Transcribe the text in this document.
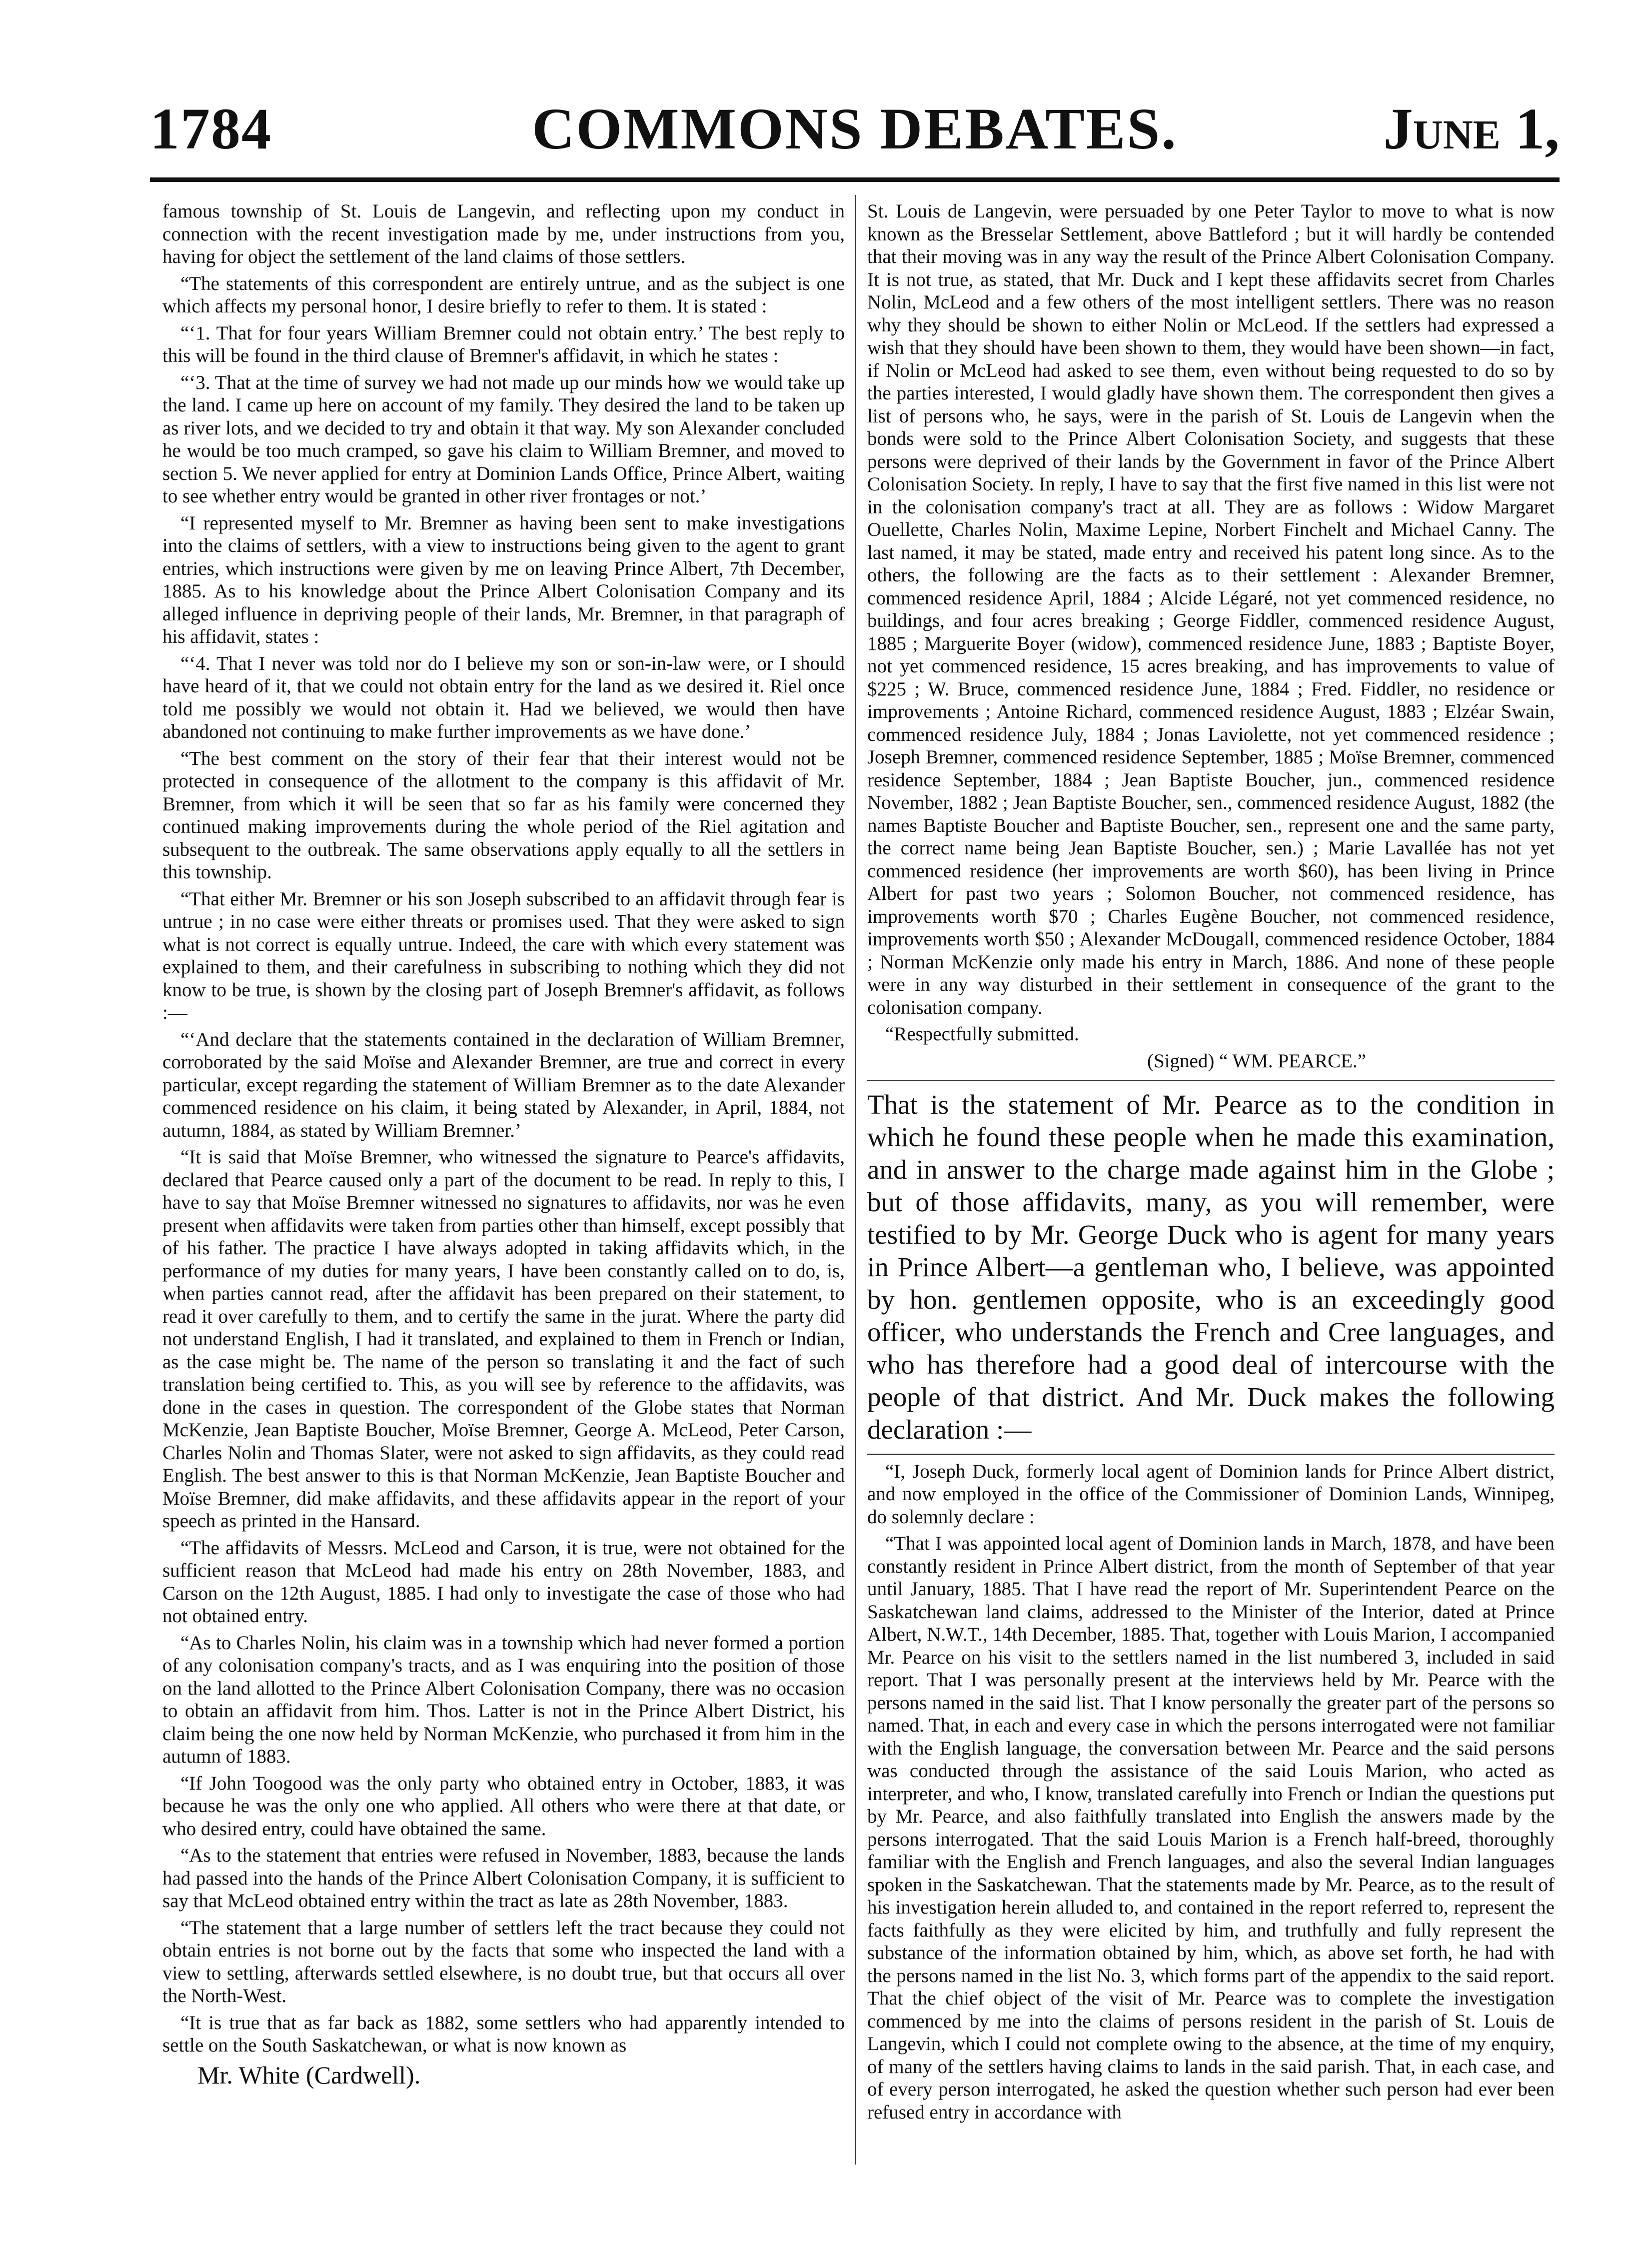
1784	COMMONS DEBATES.	June 1,

famous township of St. Louis de Langevin, and reflecting upon my conduct in connection with the recent investigation made by me, under instructions from you, having for object the settlement of the land claims of those settlers.

“The statements of this correspondent are entirely untrue, and as the subject is one which affects my personal honor, I desire briefly to refer to them. It is stated :

“‘1. That for four years William Bremner could not obtain entry.’ The best reply to this will be found in the third clause of Bremner's affidavit, in which he states :

“‘3. That at the time of survey we had not made up our minds how we would take up the land. I came up here on account of my family. They desired the land to be taken up as river lots, and we decided to try and obtain it that way. My son Alexander concluded he would be too much cramped, so gave his claim to William Bremner, and moved to section 5. We never applied for entry at Dominion Lands Office, Prince Albert, waiting to see whether entry would be granted in other river frontages or not.’

“I represented myself to Mr. Bremner as having been sent to make investigations into the claims of settlers, with a view to instructions being given to the agent to grant entries, which instructions were given by me on leaving Prince Albert, 7th December, 1885. As to his knowledge about the Prince Albert Colonisation Company and its alleged influence in depriving people of their lands, Mr. Bremner, in that paragraph of his affidavit, states :

“‘4. That I never was told nor do I believe my son or son-in-law were, or I should have heard of it, that we could not obtain entry for the land as we desired it. Riel once told me possibly we would not obtain it. Had we believed, we would then have abandoned not continuing to make further improvements as we have done.’

“The best comment on the story of their fear that their interest would not be protected in consequence of the allotment to the company is this affidavit of Mr. Bremner, from which it will be seen that so far as his family were concerned they continued making improvements during the whole period of the Riel agitation and subsequent to the outbreak. The same observations apply equally to all the settlers in this township.

“That either Mr. Bremner or his son Joseph subscribed to an affidavit through fear is untrue ; in no case were either threats or promises used. That they were asked to sign what is not correct is equally untrue. Indeed, the care with which every statement was explained to them, and their carefulness in subscribing to nothing which they did not know to be true, is shown by the closing part of Joseph Bremner's affidavit, as follows :—

“‘And declare that the statements contained in the declaration of William Bremner, corroborated by the said Moïse and Alexander Bremner, are true and correct in every particular, except regarding the statement of William Bremner as to the date Alexander commenced residence on his claim, it being stated by Alexander, in April, 1884, not autumn, 1884, as stated by William Bremner.’

“It is said that Moïse Bremner, who witnessed the signature to Pearce's affidavits, declared that Pearce caused only a part of the document to be read. In reply to this, I have to say that Moïse Bremner witnessed no signatures to affidavits, nor was he even present when affidavits were taken from parties other than himself, except possibly that of his father. The practice I have always adopted in taking affidavits which, in the performance of my duties for many years, I have been constantly called on to do, is, when parties cannot read, after the affidavit has been prepared on their statement, to read it over carefully to them, and to certify the same in the jurat. Where the party did not understand English, I had it translated, and explained to them in French or Indian, as the case might be. The name of the person so translating it and the fact of such translation being certified to. This, as you will see by reference to the affidavits, was done in the cases in question. The correspondent of the Globe states that Norman McKenzie, Jean Baptiste Boucher, Moïse Bremner, George A. McLeod, Peter Carson, Charles Nolin and Thomas Slater, were not asked to sign affidavits, as they could read English. The best answer to this is that Norman McKenzie, Jean Baptiste Boucher and Moïse Bremner, did make affidavits, and these affidavits appear in the report of your speech as printed in the Hansard.

“The affidavits of Messrs. McLeod and Carson, it is true, were not obtained for the sufficient reason that McLeod had made his entry on 28th November, 1883, and Carson on the 12th August, 1885. I had only to investigate the case of those who had not obtained entry.

“As to Charles Nolin, his claim was in a township which had never formed a portion of any colonisation company's tracts, and as I was enquiring into the position of those on the land allotted to the Prince Albert Colonisation Company, there was no occasion to obtain an affidavit from him. Thos. Latter is not in the Prince Albert District, his claim being the one now held by Norman McKenzie, who purchased it from him in the autumn of 1883.

“If John Toogood was the only party who obtained entry in October, 1883, it was because he was the only one who applied. All others who were there at that date, or who desired entry, could have obtained the same.

“As to the statement that entries were refused in November, 1883, because the lands had passed into the hands of the Prince Albert Colonisation Company, it is sufficient to say that McLeod obtained entry within the tract as late as 28th November, 1883.

“The statement that a large number of settlers left the tract because they could not obtain entries is not borne out by the facts that some who inspected the land with a view to settling, afterwards settled elsewhere, is no doubt true, but that occurs all over the North-West.

“It is true that as far back as 1882, some settlers who had apparently intended to settle on the South Saskatchewan, or what is now known as

Mr. White (Cardwell).

St. Louis de Langevin, were persuaded by one Peter Taylor to move to what is now known as the Bresselar Settlement, above Battleford ; but it will hardly be contended that their moving was in any way the result of the Prince Albert Colonisation Company. It is not true, as stated, that Mr. Duck and I kept these affidavits secret from Charles Nolin, McLeod and a few others of the most intelligent settlers. There was no reason why they should be shown to either Nolin or McLeod. If the settlers had expressed a wish that they should have been shown to them, they would have been shown—in fact, if Nolin or McLeod had asked to see them, even without being requested to do so by the parties interested, I would gladly have shown them. The correspondent then gives a list of persons who, he says, were in the parish of St. Louis de Langevin when the bonds were sold to the Prince Albert Colonisation Society, and suggests that these persons were deprived of their lands by the Government in favor of the Prince Albert Colonisation Society. In reply, I have to say that the first five named in this list were not in the colonisation company's tract at all. They are as follows : Widow Margaret Ouellette, Charles Nolin, Maxime Lepine, Norbert Finchelt and Michael Canny. The last named, it may be stated, made entry and received his patent long since. As to the others, the following are the facts as to their settlement : Alexander Bremner, commenced residence April, 1884 ; Alcide Légaré, not yet commenced residence, no buildings, and four acres breaking ; George Fiddler, commenced residence August, 1885 ; Marguerite Boyer (widow), commenced residence June, 1883 ; Baptiste Boyer, not yet commenced residence, 15 acres breaking, and has improvements to value of $225 ; W. Bruce, commenced residence June, 1884 ; Fred. Fiddler, no residence or improvements ; Antoine Richard, commenced residence August, 1883 ; Elzéar Swain, commenced residence July, 1884 ; Jonas Laviolette, not yet commenced residence ; Joseph Bremner, commenced residence September, 1885 ; Moïse Bremner, commenced residence September, 1884 ; Jean Baptiste Boucher, jun., commenced residence November, 1882 ; Jean Baptiste Boucher, sen., commenced residence August, 1882 (the names Baptiste Boucher and Baptiste Boucher, sen., represent one and the same party, the correct name being Jean Baptiste Boucher, sen.) ; Marie Lavallée has not yet commenced residence (her improvements are worth $60), has been living in Prince Albert for past two years ; Solomon Boucher, not commenced residence, has improvements worth $70 ; Charles Eugène Boucher, not commenced residence, improvements worth $50 ; Alexander McDougall, commenced residence October, 1884 ; Norman McKenzie only made his entry in March, 1886. And none of these people were in any way disturbed in their settlement in consequence of the grant to the colonisation company.

“Respectfully submitted.

(Signed) “ WM. PEARCE.”

That is the statement of Mr. Pearce as to the condition in which he found these people when he made this examination, and in answer to the charge made against him in the Globe ; but of those affidavits, many, as you will remember, were testified to by Mr. George Duck who is agent for many years in Prince Albert—a gentleman who, I believe, was appointed by hon. gentlemen opposite, who is an exceedingly good officer, who understands the French and Cree languages, and who has therefore had a good deal of intercourse with the people of that district. And Mr. Duck makes the following declaration :—

“I, Joseph Duck, formerly local agent of Dominion lands for Prince Albert district, and now employed in the office of the Commissioner of Dominion Lands, Winnipeg, do solemnly declare :

“That I was appointed local agent of Dominion lands in March, 1878, and have been constantly resident in Prince Albert district, from the month of September of that year until January, 1885. That I have read the report of Mr. Superintendent Pearce on the Saskatchewan land claims, addressed to the Minister of the Interior, dated at Prince Albert, N.W.T., 14th December, 1885. That, together with Louis Marion, I accompanied Mr. Pearce on his visit to the settlers named in the list numbered 3, included in said report. That I was personally present at the interviews held by Mr. Pearce with the persons named in the said list. That I know personally the greater part of the persons so named. That, in each and every case in which the persons interrogated were not familiar with the English language, the conversation between Mr. Pearce and the said persons was conducted through the assistance of the said Louis Marion, who acted as interpreter, and who, I know, translated carefully into French or Indian the questions put by Mr. Pearce, and also faithfully translated into English the answers made by the persons interrogated. That the said Louis Marion is a French half-breed, thoroughly familiar with the English and French languages, and also the several Indian languages spoken in the Saskatchewan. That the statements made by Mr. Pearce, as to the result of his investigation herein alluded to, and contained in the report referred to, represent the facts faithfully as they were elicited by him, and truthfully and fully represent the substance of the information obtained by him, which, as above set forth, he had with the persons named in the list No. 3, which forms part of the appendix to the said report. That the chief object of the visit of Mr. Pearce was to complete the investigation commenced by me into the claims of persons resident in the parish of St. Louis de Langevin, which I could not complete owing to the absence, at the time of my enquiry, of many of the settlers having claims to lands in the said parish. That, in each case, and of every person interrogated, he asked the question whether such person had ever been refused entry in accordance with
